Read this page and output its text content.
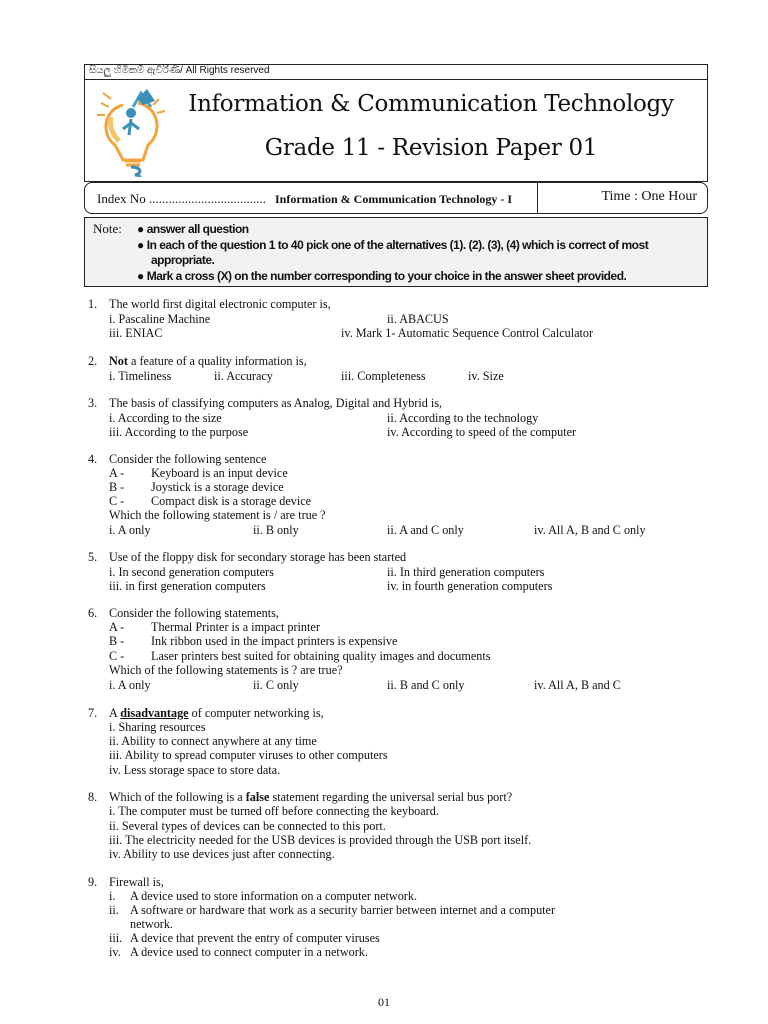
සියලු හිමිකම් ඇවිරිණි/ All Rights reserved
Information & Communication Technology
Grade 11 - Revision Paper 01
Index No .................................... Information & Communication Technology - I	Time : One Hour
Note: ● answer all question
● In each of the question 1 to 40 pick one of the alternatives (1). (2). (3), (4) which is correct of most
appropriate.
● Mark a cross (X) on the number corresponding to your choice in the answer sheet provided.
1. The world first digital electronic computer is,
i. Pascaline Machine	ii. ABACUS
iii. ENIAC	iv. Mark 1- Automatic Sequence Control Calculator
2. Not a feature of a quality information is,
i. Timeliness	ii. Accuracy	iii. Completeness	iv. Size
3. The basis of classifying computers as Analog, Digital and Hybrid is,
i. According to the size	ii. According to the technology
iii. According to the purpose	iv. According to speed of the computer
4. Consider the following sentence
A - Keyboard is an input device
B - Joystick is a storage device
C - Compact disk is a storage device
Which the following statement is / are true ?
i. A only	ii. B only	ii. A and C only	iv. All A, B and C only
5. Use of the floppy disk for secondary storage has been started
i. In second generation computers	ii. In third generation computers
iii. in first generation computers	iv. in fourth generation computers
6. Consider the following statements,
A - Thermal Printer is a impact printer
B - Ink ribbon used in the impact printers is expensive
C - Laser printers best suited for obtaining quality images and documents
Which of the following statements is ? are true?
i. A only	ii. C only	ii. B and C only	iv. All A, B and C
7. A disadvantage of computer networking is,
i. Sharing resources
ii. Ability to connect anywhere at any time
iii. Ability to spread computer viruses to other computers
iv. Less storage space to store data.
8. Which of the following is a false statement regarding the universal serial bus port?
i. The computer must be turned off before connecting the keyboard.
ii. Several types of devices can be connected to this port.
iii. The electricity needed for the USB devices is provided through the USB port itself.
iv. Ability to use devices just after connecting.
9. Firewall is,
i. A device used to store information on a computer network.
ii. A software or hardware that work as a security barrier between internet and a computer
network.
iii. A device that prevent the entry of computer viruses
iv. A device used to connect computer in a network.
01
